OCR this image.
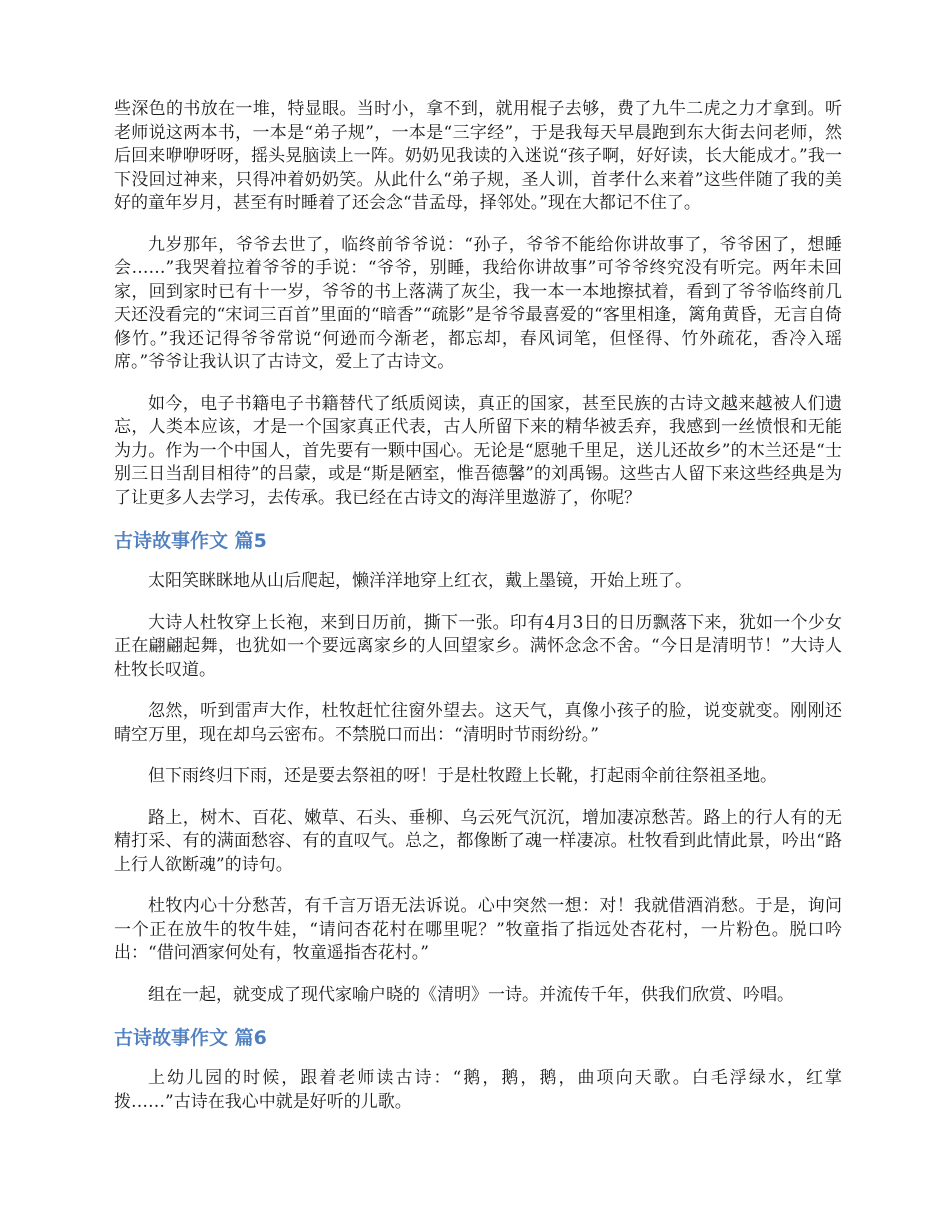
些深色的书放在一堆，特显眼。当时小，拿不到，就用棍子去够，费了九牛二虎之力才拿到。听老师说这两本书，一本是“弟子规”，一本是“三字经”，于是我每天早晨跑到东大街去问老师，然后回来咿咿呀呀，摇头晃脑读上一阵。奶奶见我读的入迷说“孩子啊，好好读，长大能成才。”我一下没回过神来，只得冲着奶奶笑。从此什么“弟子规，圣人训，首孝什么来着”这些伴随了我的美好的童年岁月，甚至有时睡着了还会念“昔孟母，择邻处。”现在大都记不住了。

九岁那年，爷爷去世了，临终前爷爷说：“孙子，爷爷不能给你讲故事了，爷爷困了，想睡会……”我哭着拉着爷爷的手说：“爷爷，别睡，我给你讲故事”可爷爷终究没有听完。两年未回家，回到家时已有十一岁，爷爷的书上落满了灰尘，我一本一本地擦拭着，看到了爷爷临终前几天还没看完的“宋词三百首”里面的“暗香”“疏影”是爷爷最喜爱的“客里相逢，篱角黄昏，无言自倚修竹。”我还记得爷爷常说“何逊而今渐老，都忘却，春风词笔，但怪得、竹外疏花，香冷入瑶席。”爷爷让我认识了古诗文，爱上了古诗文。

如今，电子书籍电子书籍替代了纸质阅读，真正的国家，甚至民族的古诗文越来越被人们遗忘，人类本应该，才是一个国家真正代表，古人所留下来的精华被丢弃，我感到一丝愤恨和无能为力。作为一个中国人，首先要有一颗中国心。无论是“愿驰千里足，送儿还故乡”的木兰还是“士别三日当刮目相待”的吕蒙，或是“斯是陋室，惟吾德馨”的刘禹锡。这些古人留下来这些经典是为了让更多人去学习，去传承。我已经在古诗文的海洋里遨游了，你呢？

古诗故事作文 篇5

太阳笑眯眯地从山后爬起，懒洋洋地穿上红衣，戴上墨镜，开始上班了。

大诗人杜牧穿上长袍，来到日历前，撕下一张。印有4月3日的日历飘落下来，犹如一个少女正在翩翩起舞，也犹如一个要远离家乡的人回望家乡。满怀念念不舍。“今日是清明节！”大诗人杜牧长叹道。

忽然，听到雷声大作，杜牧赶忙往窗外望去。这天气，真像小孩子的脸，说变就变。刚刚还晴空万里，现在却乌云密布。不禁脱口而出：“清明时节雨纷纷。”

但下雨终归下雨，还是要去祭祖的呀！于是杜牧蹬上长靴，打起雨伞前往祭祖圣地。

路上，树木、百花、嫩草、石头、垂柳、乌云死气沉沉，增加凄凉愁苦。路上的行人有的无精打采、有的满面愁容、有的直叹气。总之，都像断了魂一样凄凉。杜牧看到此情此景，吟出“路上行人欲断魂”的诗句。

杜牧内心十分愁苦，有千言万语无法诉说。心中突然一想：对！我就借酒消愁。于是，询问一个正在放牛的牧牛娃，“请问杏花村在哪里呢？”牧童指了指远处杏花村，一片粉色。脱口吟出：“借问酒家何处有，牧童遥指杏花村。”

组在一起，就变成了现代家喻户晓的《清明》一诗。并流传千年，供我们欣赏、吟唱。

古诗故事作文 篇6

上幼儿园的时候，跟着老师读古诗：“鹅，鹅，鹅，曲项向天歌。白毛浮绿水，红掌拨……”古诗在我心中就是好听的儿歌。
